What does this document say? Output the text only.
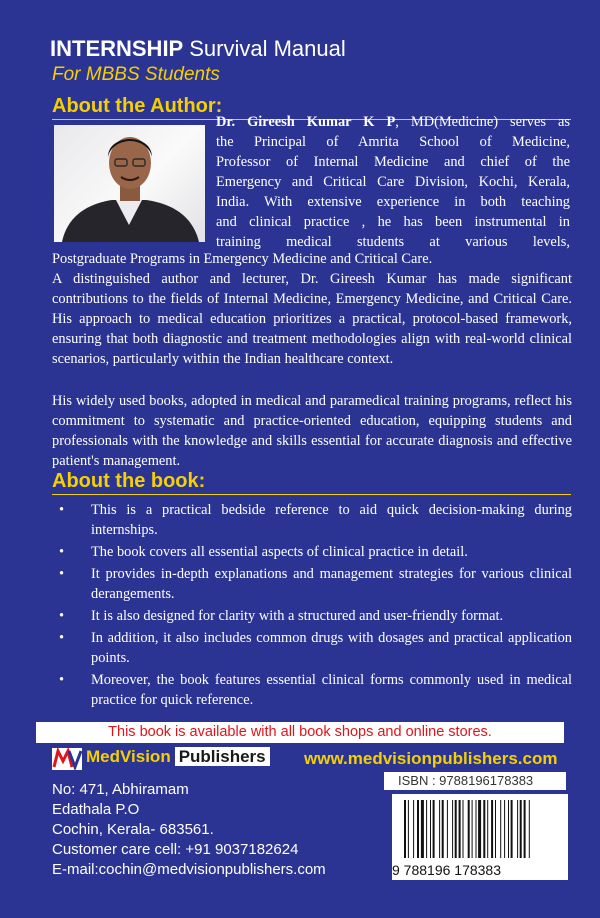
INTERNSHIP Survival Manual
For MBBS Students
About the Author:
Dr. Gireesh Kumar K P, MD(Medicine) serves as
the Principal of Amrita School of Medicine,
Professor of Internal Medicine and chief of the
Emergency and Critical Care Division, Kochi, Kerala,
India. With extensive experience in both teaching
and clinical practice , he has been instrumental in
training medical students at various levels,
Postgraduate Programs in Emergency Medicine and Critical Care.
A distinguished author and lecturer, Dr. Gireesh Kumar has made significant contributions to the fields of Internal Medicine, Emergency Medicine, and Critical Care. His approach to medical education prioritizes a practical, protocol-based framework, ensuring that both diagnostic and treatment methodologies align with real-world clinical scenarios, particularly within the Indian healthcare context.
His widely used books, adopted in medical and paramedical training programs, reflect his commitment to systematic and practice-oriented education, equipping students and professionals with the knowledge and skills essential for accurate diagnosis and effective patient's management.
About the book:
• This is a practical bedside reference to aid quick decision-making during internships.
• The book covers all essential aspects of clinical practice in detail.
• It provides in-depth explanations and management strategies for various clinical derangements.
• It is also designed for clarity with a structured and user-friendly format.
• In addition, it also includes common drugs with dosages and practical application points.
• Moreover, the book features essential clinical forms commonly used in medical practice for quick reference.
This book is available with all book shops and online stores.
MedVision Publishers www.medvisionpublishers.com
No: 471, Abhiramam
Edathala P.O
Cochin, Kerala- 683561.
Customer care cell: +91 9037182624
E-mail:cochin@medvisionpublishers.com
ISBN : 9788196178383
9 788196 178383
